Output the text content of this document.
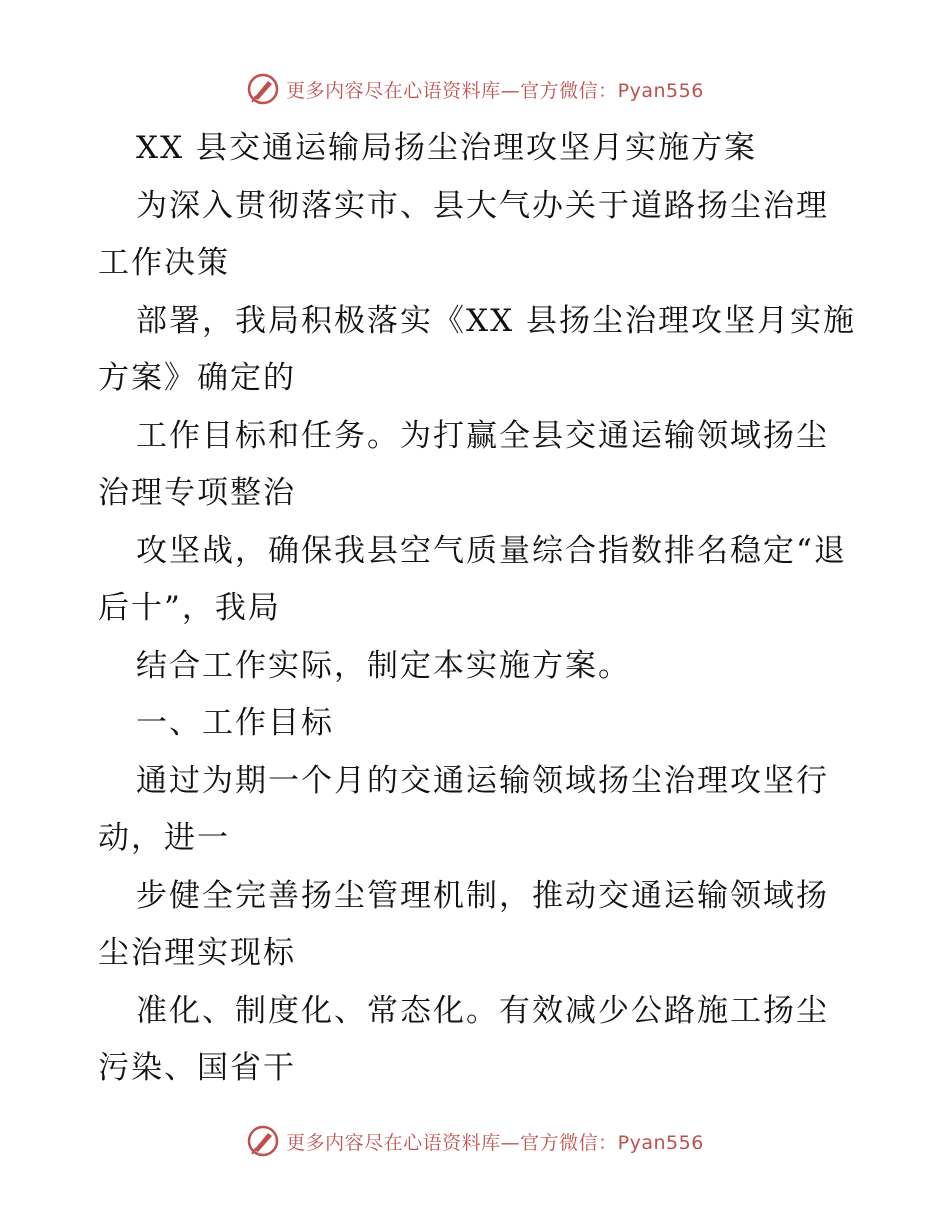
更多内容尽在心语资料库—官方微信：Pyan556

XX 县交通运输局扬尘治理攻坚月实施方案

为深入贯彻落实市、县大气办关于道路扬尘治理工作决策

部署，我局积极落实《XX 县扬尘治理攻坚月实施方案》确定的

工作目标和任务。为打赢全县交通运输领域扬尘治理专项整治

攻坚战，确保我县空气质量综合指数排名稳定“退后十”，我局

结合工作实际，制定本实施方案。

一、工作目标

通过为期一个月的交通运输领域扬尘治理攻坚行动，进一

步健全完善扬尘管理机制，推动交通运输领域扬尘治理实现标

准化、制度化、常态化。有效减少公路施工扬尘污染、国省干

更多内容尽在心语资料库—官方微信：Pyan556
